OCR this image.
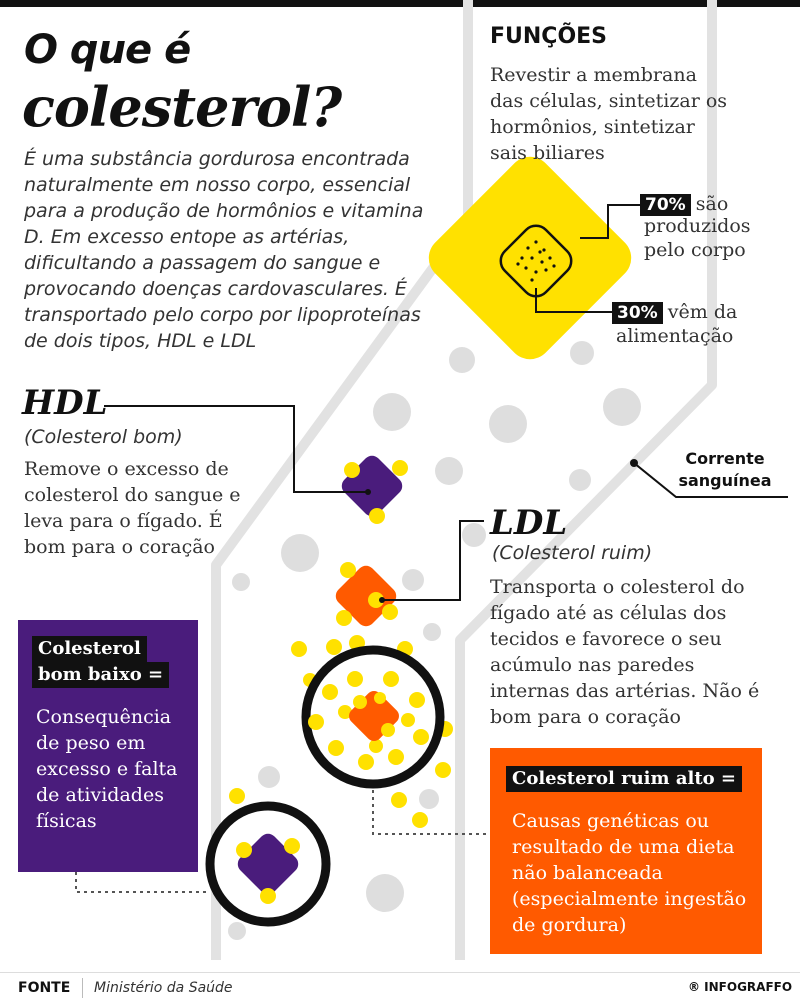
O que é
colesterol?
É uma substância gordurosa encontrada naturalmente em nosso corpo, essencial para a produção de hormônios e vitamina D. Em excesso entope as artérias, dificultando a passagem do sangue e provocando doenças cardovasculares. É transportado pelo corpo por lipoproteínas de dois tipos, HDL e LDL
FUNÇÕES
Revestir a membrana das células, sintetizar os hormônios, sintetizar sais biliares
70% são
produzidos
pelo corpo
30% vêm da
alimentação
HDL
(Colesterol bom)
Remove o excesso de colesterol do sangue e leva para o fígado. É bom para o coração
LDL
(Colesterol ruim)
Transporta o colesterol do fígado até as células dos tecidos e favorece o seu acúmulo nas paredes internas das artérias. Não é bom para o coração
Corrente
sanguínea
Colesterol
bom baixo =
Consequência de peso em excesso e falta de atividades físicas
Colesterol ruim alto =
Causas genéticas ou resultado de uma dieta não balanceada (especialmente ingestão de gordura)
FONTE Ministério da Saúde	® INFOGRAFFO
